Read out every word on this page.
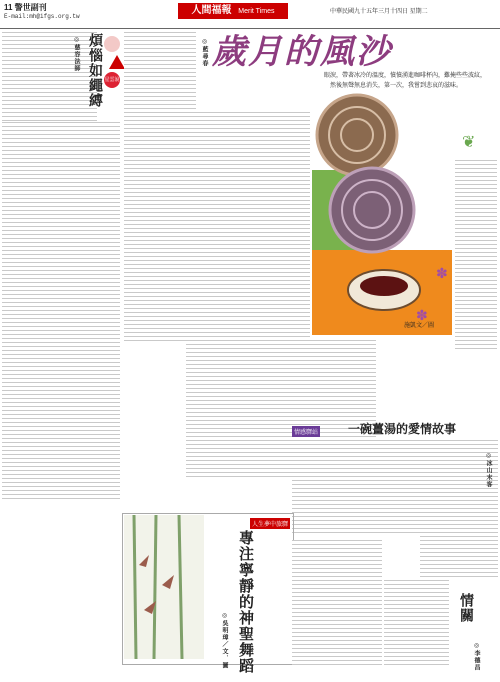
11 警世副刊
E-mail:mh@ifgs.org.tw
人間福報 Merit Times	中華民國九十五年三月十四日 星期二
星雲說
煩惱如繩縛
◎慈容法師	◎藍尋春 歲月的風沙
眼淚，帶著冰冷的溫度，憤憤湧進咖啡杯內，難掩些些波紋，
然後無聲無息消失，第一次，我嘗到悲哀的滋味。
施凱文／圖
✽
✽
❦
情感驛站 一碗薑湯的愛情故事
◎冰山末客
人生夢中旅驛
專注寧靜的神聖舞蹈
◎吳明璋／文．圖
情關
◎李德昌
